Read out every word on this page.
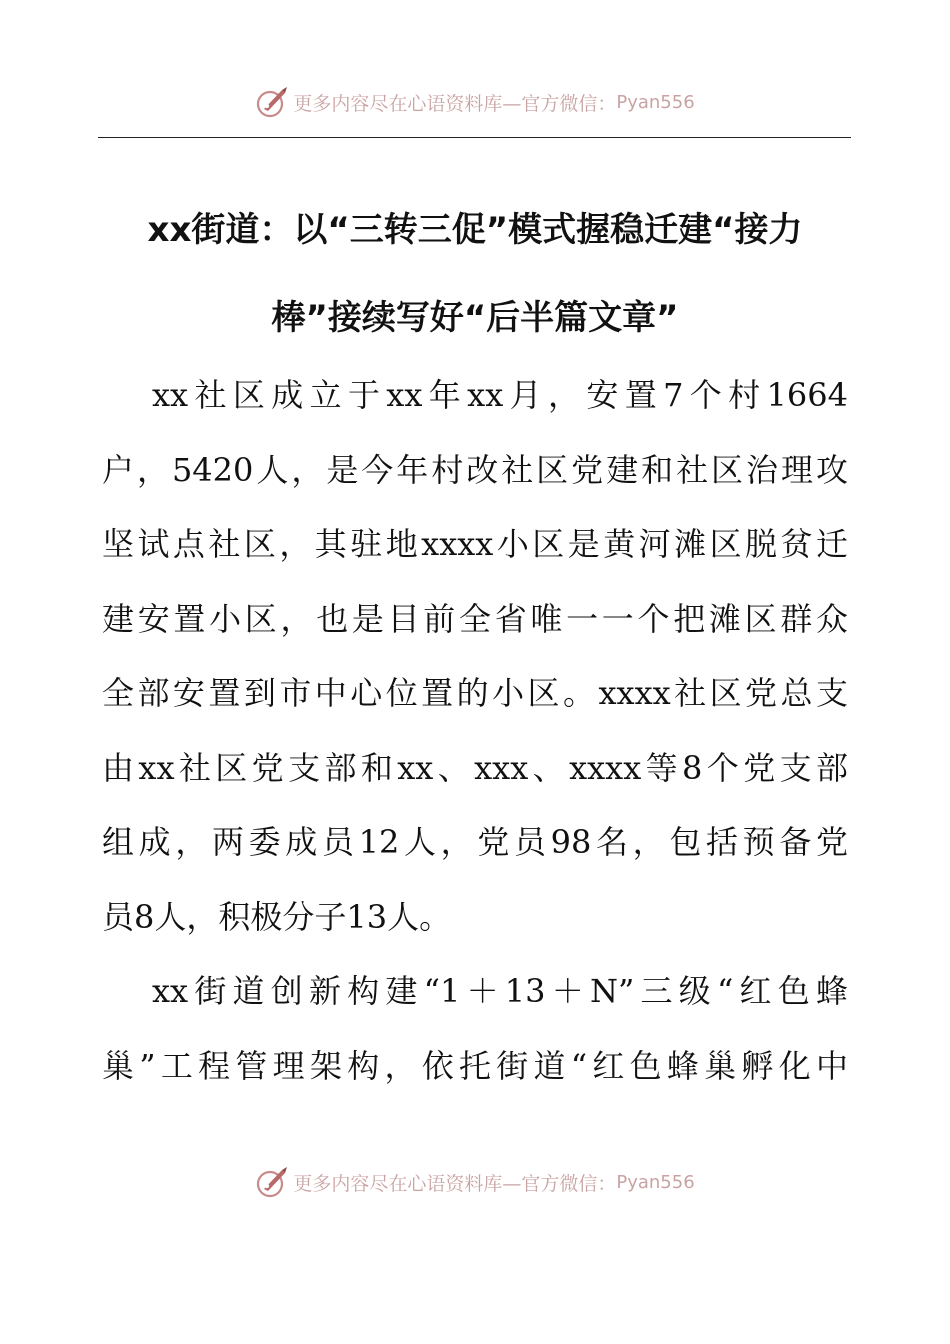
更多内容尽在心语资料库—官方微信： Pyan556
xx街道：以“三转三促”模式握稳迁建“接力
棒”接续写好“后半篇文章”
xx社区成立于xx年xx月，安置7个村1664
户，5420人，是今年村改社区党建和社区治理攻
坚试点社区，其驻地xxxx小区是黄河滩区脱贫迁
建安置小区，也是目前全省唯一一个把滩区群众
全部安置到市中心位置的小区。xxxx社区党总支
由xx社区党支部和xx、xxx、xxxx等8个党支部
组成，两委成员12人，党员98名，包括预备党
员8人，积极分子13人。
xx街道创新构建“1＋13＋N”三级“红色蜂
巢”工程管理架构，依托街道“红色蜂巢孵化中
更多内容尽在心语资料库—官方微信： Pyan556
